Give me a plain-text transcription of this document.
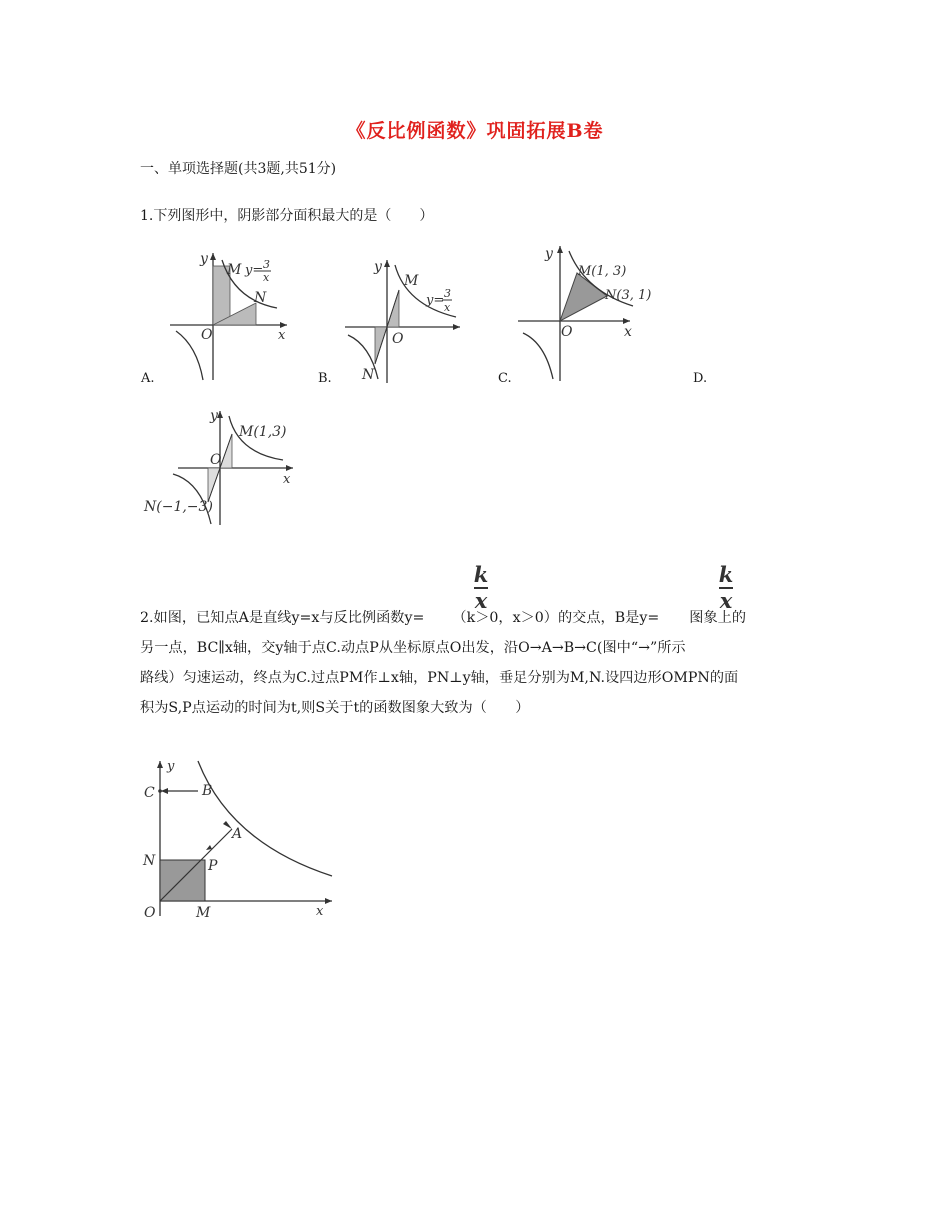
《反比例函数》巩固拓展B卷
一、单项选择题(共3题,共51分)
1.下列图形中，阴影部分面积最大的是（　　）
y
M y= 3
x
N
O	x
A.
y
M
y= 3
x
O
N
B.
y
M(1, 3)
N(3, 1)
O	x
C.	D.
y
M(1,3)
O
x
N(−1,−3)
k
x
k
x
2.如图，已知点A是直线y=x与反比例函数y= （k＞0，x＞0）的交点，B是y= 图象上的
另一点，BC∥x轴，交y轴于点C.动点P从坐标原点O出发，沿O→A→B→C(图中“→”所示
路线）匀速运动，终点为C.过点PM作⊥x轴，PN⊥y轴，垂足分别为M,N.设四边形OMPN的面
积为S,P点运动的时间为t,则S关于t的函数图象大致为（　　）
y
C	B
A
N	P
O	M	x
